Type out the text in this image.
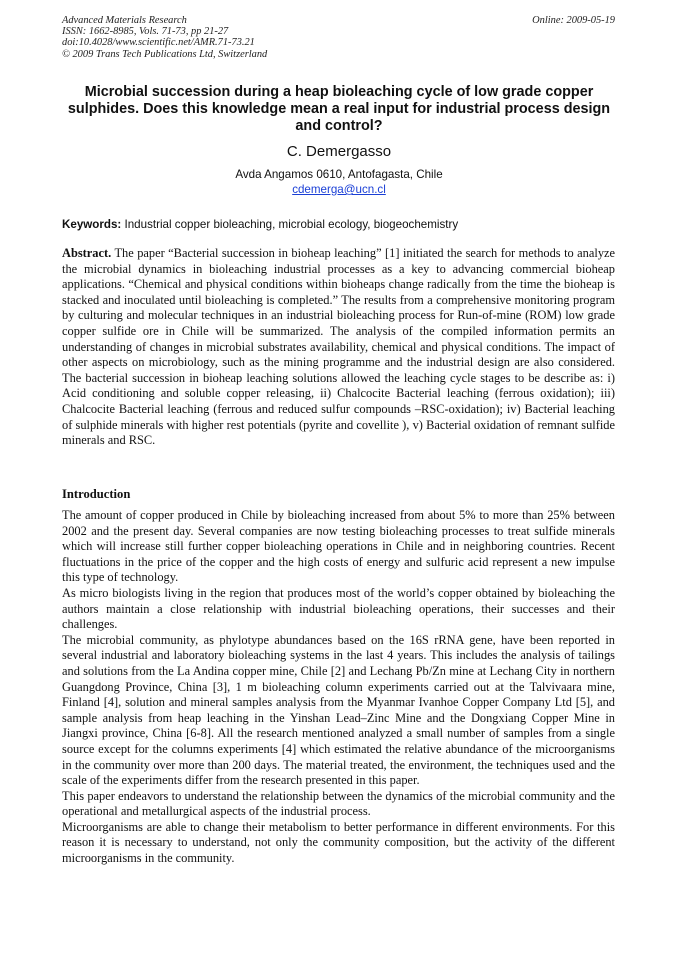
Advanced Materials Research
ISSN: 1662-8985, Vols. 71-73, pp 21-27
doi:10.4028/www.scientific.net/AMR.71-73.21
© 2009 Trans Tech Publications Ltd, Switzerland
Online: 2009-05-19
Microbial succession during a heap bioleaching cycle of low grade copper sulphides. Does this knowledge mean a real input for industrial process design and control?
C. Demergasso
Avda Angamos 0610, Antofagasta, Chile
cdemerga@ucn.cl
Keywords: Industrial copper bioleaching, microbial ecology, biogeochemistry

Abstract. The paper “Bacterial succession in bioheap leaching” [1] initiated the search for methods to analyze the microbial dynamics in bioleaching industrial processes as a key to advancing commercial bioheap applications. “Chemical and physical conditions within bioheaps change radically from the time the bioheap is stacked and inoculated until bioleaching is completed.” The results from a comprehensive monitoring program by culturing and molecular techniques in an industrial bioleaching process for Run-of-mine (ROM) low grade copper sulfide ore in Chile will be summarized. The analysis of the compiled information permits an understanding of changes in microbial substrates availability, chemical and physical conditions. The impact of other aspects on microbiology, such as the mining programme and the industrial design are also considered. The bacterial succession in bioheap leaching solutions allowed the leaching cycle stages to be describe as: i) Acid conditioning and soluble copper releasing, ii) Chalcocite Bacterial leaching (ferrous oxidation); iii) Chalcocite Bacterial leaching (ferrous and reduced sulfur compounds –RSC-oxidation); iv) Bacterial leaching of sulphide minerals with higher rest potentials (pyrite and covellite ), v) Bacterial oxidation of remnant sulfide minerals and RSC.

Introduction

The amount of copper produced in Chile by bioleaching increased from about 5% to more than 25% between 2002 and the present day. Several companies are now testing bioleaching processes to treat sulfide minerals which will increase still further copper bioleaching operations in Chile and in neighboring countries. Recent fluctuations in the price of the copper and the high costs of energy and sulfuric acid represent a new impulse this type of technology.

As micro biologists living in the region that produces most of the world’s copper obtained by bioleaching the authors maintain a close relationship with industrial bioleaching operations, their successes and their challenges.

The microbial community, as phylotype abundances based on the 16S rRNA gene, have been reported in several industrial and laboratory bioleaching systems in the last 4 years. This includes the analysis of tailings and solutions from the La Andina copper mine, Chile [2] and Lechang Pb/Zn mine at Lechang City in northern Guangdong Province, China [3], 1 m bioleaching column experiments carried out at the Talvivaara mine, Finland [4], solution and mineral samples analysis from the Myanmar Ivanhoe Copper Company Ltd [5], and sample analysis from heap leaching in the Yinshan Lead–Zinc Mine and the Dongxiang Copper Mine in Jiangxi province, China [6-8]. All the research mentioned analyzed a small number of samples from a single source except for the columns experiments [4] which estimated the relative abundance of the microorganisms in the community over more than 200 days. The material treated, the environment, the techniques used and the scale of the experiments differ from the research presented in this paper.

This paper endeavors to understand the relationship between the dynamics of the microbial community and the operational and metallurgical aspects of the industrial process.

Microorganisms are able to change their metabolism to better performance in different environments. For this reason it is necessary to understand, not only the community composition, but the activity of the different microorganisms in the community.
